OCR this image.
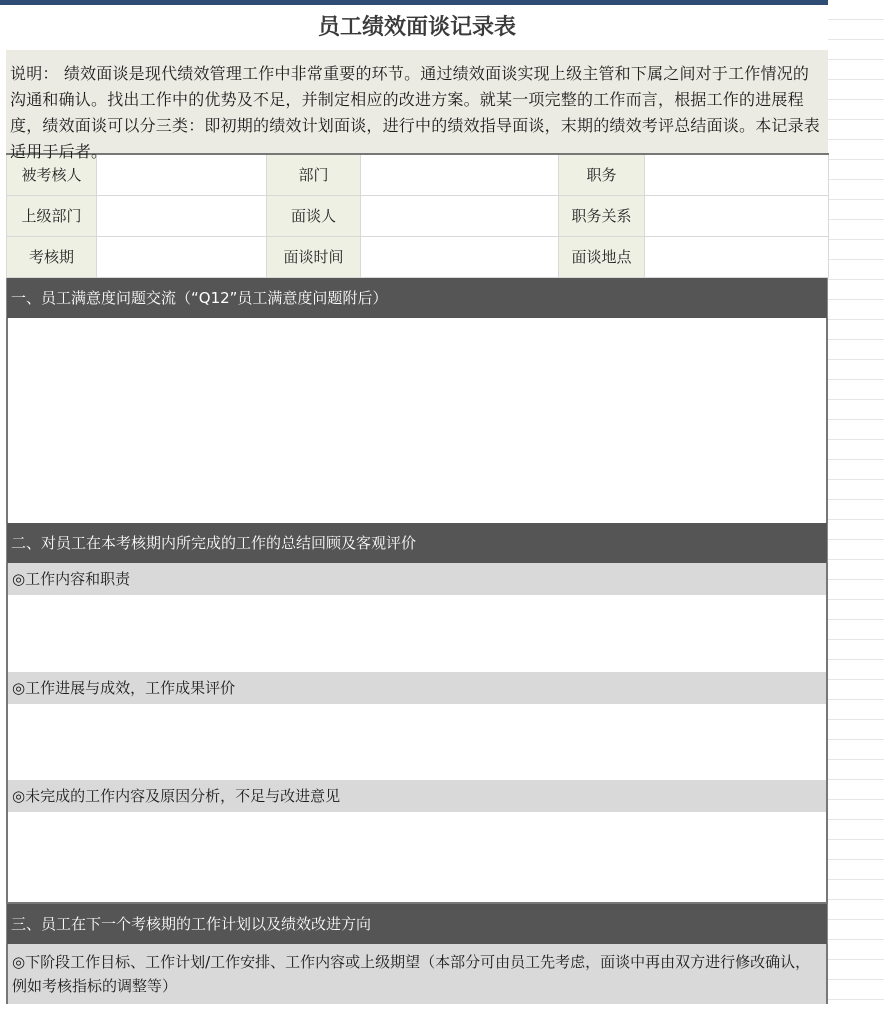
员工绩效面谈记录表
说明： 绩效面谈是现代绩效管理工作中非常重要的环节。通过绩效面谈实现上级主管和下属之间对于工作情况的沟通和确认。找出工作中的优势及不足，并制定相应的改进方案。就某一项完整的工作而言，根据工作的进展程度，绩效面谈可以分三类：即初期的绩效计划面谈，进行中的绩效指导面谈，末期的绩效考评总结面谈。本记录表适用于后者。
被考核人		部门		职务	
上级部门		面谈人		职务关系	
考核期		面谈时间		面谈地点	
一、员工满意度问题交流（“Q12”员工满意度问题附后）
二、对员工在本考核期内所完成的工作的总结回顾及客观评价
◎工作内容和职责
◎工作进展与成效，工作成果评价
◎未完成的工作内容及原因分析，不足与改进意见
三、员工在下一个考核期的工作计划以及绩效改进方向
◎下阶段工作目标、工作计划/工作安排、工作内容或上级期望（本部分可由员工先考虑，面谈中再由双方进行修改确认，例如考核指标的调整等）
